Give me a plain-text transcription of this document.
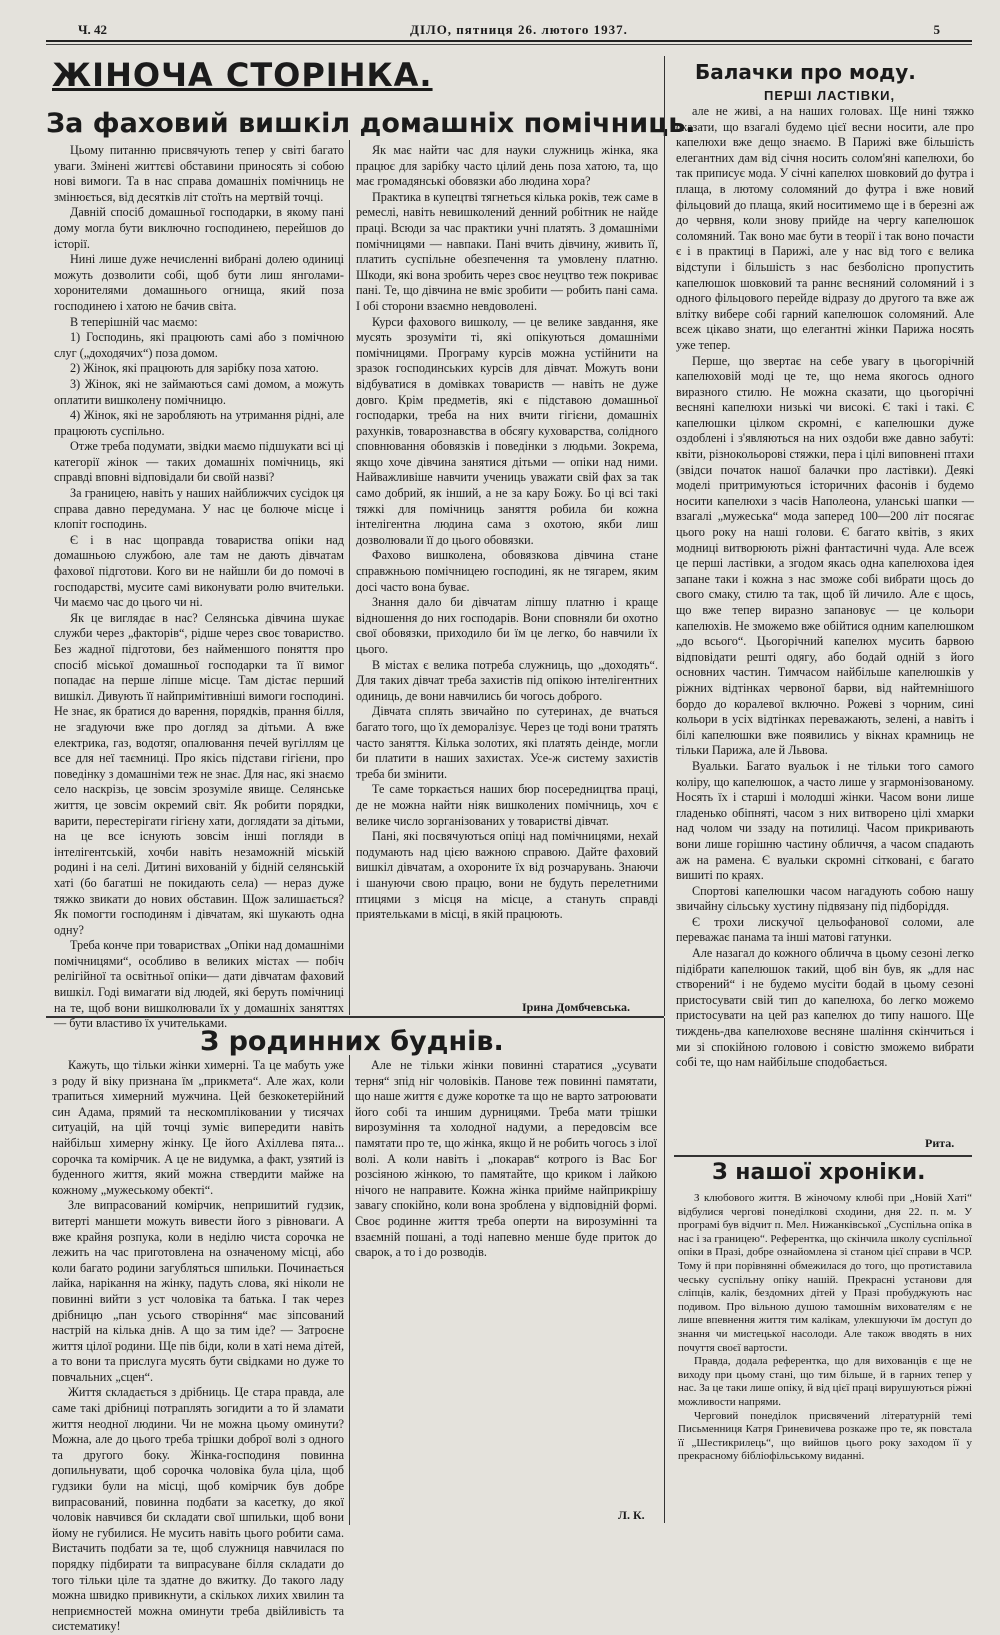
Ч. 42	ДІЛО, пятниця 26. лютого 1937.	5
ЖІНОЧА СТОРІНКА.
За фаховий вишкіл домашніх помічниць.
Балачки про моду.
ПЕРШІ ЛАСТІВКИ,

Цьому питанню присвячують тепер у світі багато уваги. Змінені життєві обставини приносять зі собою нові вимоги. Та в нас справа домашніх помічниць не змінюється, від десятків літ стоїть на мертвій точці.

Давній спосіб домашньої господарки, в якому пані дому могла бути виключно господинею, перейшов до історії.

Нині лише дуже нечисленні вибрані долею одиниці можуть дозволити собі, щоб бути лиш янголами-хоронителями домашнього огнища, який поза господинею і хатою не бачив світа.

В теперішній час маємо:

1) Господинь, які працюють самі або з помічною слуг („доходячих“) поза домом.

2) Жінок, які працюють для зарібку поза хатою.

3) Жінок, які не займаються самі домом, а можуть оплатити вишколену помічницю.

4) Жінок, які не заробляють на утримання рідні, але працюють суспільно.

Отже треба подумати, звідки маємо підшукати всі ці категорії жінок — таких домашніх помічниць, які справді вповні відповідали би своїй назві?

За границею, навіть у наших найближчих сусідок ця справа давно передумана. У нас це болюче місце і клопіт господинь.

Є і в нас щоправда товариства опіки над домашньою службою, але там не дають дівчатам фахової підготови. Кого ви не найшли би до помочі в господарстві, мусите самі виконувати ролю вчительки. Чи маємо час до цього чи ні.

Як це виглядає в нас? Селянська дівчина шукає служби через „факторів“, рідше через своє товариство. Без жадної підготови, без найменшого поняття про спосіб міської домашньої господарки та її вимог попадає на перше ліпше місце. Там дістає перший вишкіл. Дивують її найпримітивніші вимоги господині. Не знає, як братися до варення, порядків, прання білля, не згадуючи вже про догляд за дітьми. А вже електрика, газ, водотяг, опалювання печей вугіллям це все для неї таємниці. Про якісь підстави гігієни, про поведінку з домашніми теж не знає. Для нас, які знаємо село наскрізь, це зовсім зрозуміле явище. Селянське життя, це зовсім окремий світ. Як робити порядки, варити, перестерігати гігієну хати, доглядати за дітьми, на це все існують зовсім інші погляди в інтелігентській, хочби навіть незаможній міській родині і на селі. Дитині вихованій у бідній селянській хаті (бо багатші не покидають села) — нераз дуже тяжко звикати до нових обставин. Щож залишається? Як помогти господиням і дівчатам, які шукають одна одну?

Треба конче при товариствах „Опіки над домашніми помічницями“, особливо в великих містах — побіч релігійної та освітньої опіки— дати дівчатам фаховий вишкіл. Годі вимагати від людей, які беруть помічниці на те, щоб вони вишколювали їх у домашніх заняттях — бути властиво їх учительками.

Як має найти час для науки служниць жінка, яка працює для зарібку часто цілий день поза хатою, та, що має громадянські обовязки або людина хора?

Практика в купецтві тягнеться кілька років, теж саме в ремеслі, навіть невишколений денний робітник не найде праці. Всюди за час практики учні платять. З домашніми помічницями — навпаки. Пані вчить дівчину, живить її, платить суспільне обезпечення та умовлену платню. Шкоди, які вона зробить через своє неуцтво теж покриває пані. Те, що дівчина не вміє зробити — робить пані сама. І обі сторони взаємно невдоволені.

Курси фахового вишколу, — це велике завдання, яке мусять зрозуміти ті, які опікуються домашніми помічницями. Програму курсів можна устійнити на зразок господинських курсів для дівчат. Можуть вони відбуватися в домівках товариств — навіть не дуже довго. Крім предметів, які є підставою домашньої господарки, треба на них вчити гігієни, домашніх рахунків, товарознавства в обсягу куховарства, солідного сповнювання обовязків і поведінки з людьми. Зокрема, якщо хоче дівчина занятися дітьми — опіки над ними. Найважливіше навчити учениць уважати свій фах за так само добрий, як інший, а не за кару Божу. Бо ці всі такі тяжкі для помічниць заняття робила би кожна інтелігентна людина сама з охотою, якби лиш дозволювали її до цього обовязки.

Фахово вишколена, обовязкова дівчина стане справжньою помічницею господині, як не тягарем, яким досі часто вона буває.

Знання дало би дівчатам ліпшу платню і краще відношення до них господарів. Вони сповняли би охотно свої обовязки, приходило би їм це легко, бо навчили їх цього.

В містах є велика потреба служниць, що „доходять“. Для таких дівчат треба захистів під опікою інтелігентних одиниць, де вони навчились би чогось доброго.

Дівчата сплять звичайно по сутеринах, де вчаться багато того, що їх деморалізує. Через це тоді вони тратять часто заняття. Кілька золотих, які платять деінде, могли би платити в наших захистах. Усе-ж систему захистів треба би змінити.

Те саме торкається наших бюр посередництва праці, де не можна найти ніяк вишколених помічниць, хоч є велике число зорганізованих у товаристві дівчат.

Пані, які посвячуються опіці над помічницями, нехай подумають над цією важною справою. Дайте фаховий вишкіл дівчатам, а охороните їх від розчарувань. Знаючи і шануючи свою працю, вони не будуть перелетними птицями з місця на місце, а стануть справді приятельками в місці, в якій працюють.

Ірина Домбчевська.

але не живі, а на наших головах. Ще нині тяжко сказати, що взагалі будемо цієї весни носити, але про капелюхи вже дещо знаємо. В Парижі вже більшість елегантних дам від січня носить солом'яні капелюхи, бо так приписує мода. У січні капелюх шовковий до футра і плаща, в лютому соломяний до футра і вже новий фільцовий до плаща, який носитимемо ще і в березні аж до червня, коли знову прийде на чергу капелюшок соломяний. Так воно має бути в теорії і так воно почасти є і в практиці в Парижі, але у нас від того є велика відступи і більшість з нас безболісно пропустить капелюшок шовковий та раннє весняний соломяний і з одного фільцового перейде відразу до другого та вже аж влітку вибере собі гарний капелюшок соломяний. Але всеж цікаво знати, що елегантні жінки Парижа носять уже тепер.

Перше, що звертає на себе увагу в цьогорічній капелюховій моді це те, що нема якогось одного виразного стилю. Не можна сказати, що цьогорічні весняні капелюхи низькі чи високі. Є такі і такі. Є капелюшки цілком скромні, є капелюшки дуже оздоблені і з'являються на них оздоби вже давно забуті: квіти, різнокольорові стяжки, пера і цілі виповнені птахи (звідси початок нашої балачки про ластівки). Деякі моделі притримуються історичних фасонів і будемо носити капелюхи з часів Наполеона, уланські шапки — взагалі „мужеська“ мода заперед 100—200 літ посягає цього року на наші голови. Є багато квітів, з яких модниці витворюють ріжні фантастичні чуда. Але всеж це перші ластівки, а згодом якась одна капелюхова ідея запане таки і кожна з нас зможе собі вибрати щось до свого смаку, стилю та так, щоб їй личило. Але є щось, що вже тепер виразно запановує — це кольори капелюхів. Не зможемо вже обійтися одним капелюшком „до всього“. Цьогорічний капелюх мусить барвою відповідати решті одягу, або бодай одній з його основних частин. Тимчасом найбільше капелюшків у ріжних відтінках червоної барви, від найтемнішого бордо до коралевої включно. Рожеві з чорним, сині кольори в усіх відтінках переважають, зелені, а навіть і білі капелюшки вже появились у вікнах крамниць не тільки Парижа, але й Львова.

Вуальки. Багато вуальок і не тільки того самого коліру, що капелюшок, а часто лише у згармонізованому. Носять їх і старші і молодші жінки. Часом вони лише гладенько обіпняті, часом з них витворено цілі хмарки над чолом чи ззаду на потилиці. Часом прикривають вони лише горішню частину обличчя, а часом спадають аж на рамена. Є вуальки скромні сітковані, є багато вишиті по краях.

Спортові капелюшки часом нагадують собою нашу звичайну сільську хустину підвязану під підборіддя.

Є трохи лискучої цельофанової соломи, але переважає панама та інші матові гатунки.

Але назагал до кожного обличча в цьому сезоні легко підібрати капелюшок такий, щоб він був, як „для нас створений“ і не будемо мусіти бодай в цьому сезоні пристосувати свій тип до капелюха, бо легко можемо пристосувати на цей раз капелюх до типу нашого. Ще тиждень-два капелюхове весняне шаління скінчиться і ми зі спокійною головою і совістю зможемо вибрати собі те, що нам найбільше сподобається.

Рита.
З родинних буднів.

Кажуть, що тільки жінки химерні. Та це мабуть уже з роду й віку признана їм „прикмета“. Але жах, коли трапиться химерний мужчина. Цей безкокетерійний син Адама, прямий та нескомпліковании у тисячах ситуацій, на цій точці зуміє випередити навіть найбільш химерну жінку. Це його Ахіллева пята... сорочка та комірчик. А це не видумка, а факт, узятий із буденного життя, який можна ствердити майже на кожному „мужеському обекті“.

Зле випрасований комірчик, непришитий гудзик, витерті маншети можуть вивести його з рівноваги. А вже крайня розпука, коли в неділю чиста сорочка не лежить на час приготовлена на означеному місці, або коли багато родини загубляться шпильки. Починається лайка, нарікання на жінку, падуть слова, які ніколи не повинні вийти з уст чоловіка та батька. І так через дрібницю „пан усього створіння“ має зіпсований настрій на кілька днів. А що за тим іде? — Затроєне життя цілої родини. Ще пів біди, коли в хаті нема дітей, а то вони та прислуга мусять бути свідками но дуже то повчальних „сцен“.

Життя складається з дрібниць. Це стара правда, але саме такі дрібниці потраплять зогидити а то й зламати життя неодної людини. Чи не можна цьому оминути? Можна, але до цього треба трішки доброї волі з одного та другого боку. Жінка-господиня повинна допильнувати, щоб сорочка чоловіка була ціла, щоб гудзики були на місці, щоб комірчик був добре випрасований, повинна подбати за касетку, до якої чоловік навчився би складати свої шпильки, щоб вони йому не губилися. Не мусить навіть цього робити сама. Вистачить подбати за те, щоб служниця навчилася по порядку підбирати та випрасуване білля складати до того тільки ціле та здатне до вжитку. До такого ладу можна швидко привикнути, а скількох лихих хвилин та неприємностей можна оминути треба двійливість та систематику!

Але не тільки жінки повинні старатися „усувати терня“ зпід ніг чоловіків. Панове теж повинні памятати, що наше життя є дуже коротке та що не варто затроювати його собі та иншим дурницями. Треба мати трішки вирозуміння та холодної надуми, а передовсім все памятати про те, що жінка, якщо й не робить чогось з ілої волі. А коли навіть і „покарав“ котрого із Вас Бог розсіяною жінкою, то памятайте, що криком і лайкою нічого не направите. Кожна жінка прийме найприкрішу завагу спокійно, коли вона зроблена у відповідній формі. Своє родинне життя треба оперти на вирозумінні та взаємній пошані, а тоді напевно менше буде приток до сварок, а то і до розводів.

Л. К.
З нашої хроніки.

З клюбового життя. В жіночому клюбі при „Новій Хаті“ відбулися чергові понеділкові сходини, дня 22. п. м. У програмі був відчит п. Мел. Нижанківської „Суспільна опіка в нас і за границею“. Референтка, що скінчила школу суспільної опіки в Празі, добре ознайомлена зі станом цієї справи в ЧСР. Тому й при порівнянні обмежилася до того, що протиставила чеську суспільну опіку нашій. Прекрасні установи для сліпців, калік, бездомних дітей у Празі пробуджують нас подивом. Про вільною душою тамошнім вихователям є не лише впевнення життя тим калікам, улекшуючи їм доступ до знання чи мистецької насолоди. Але також вводять в них почуття своєї вартости.

Правда, додала референтка, що для вихованців є ще не виходу при цьому стані, що тим більше, й в гарних тепер у нас. За це таки лише опіку, й від цієї праці вирушуються ріжні можливости напрями.

Черговий понеділок присвячений літературній темі Письменниця Катря Гриневичева розкаже про те, як повстала її „Шестикрилець“, що вийшов цього року заходом її у прекрасному бібліофільському виданні.
